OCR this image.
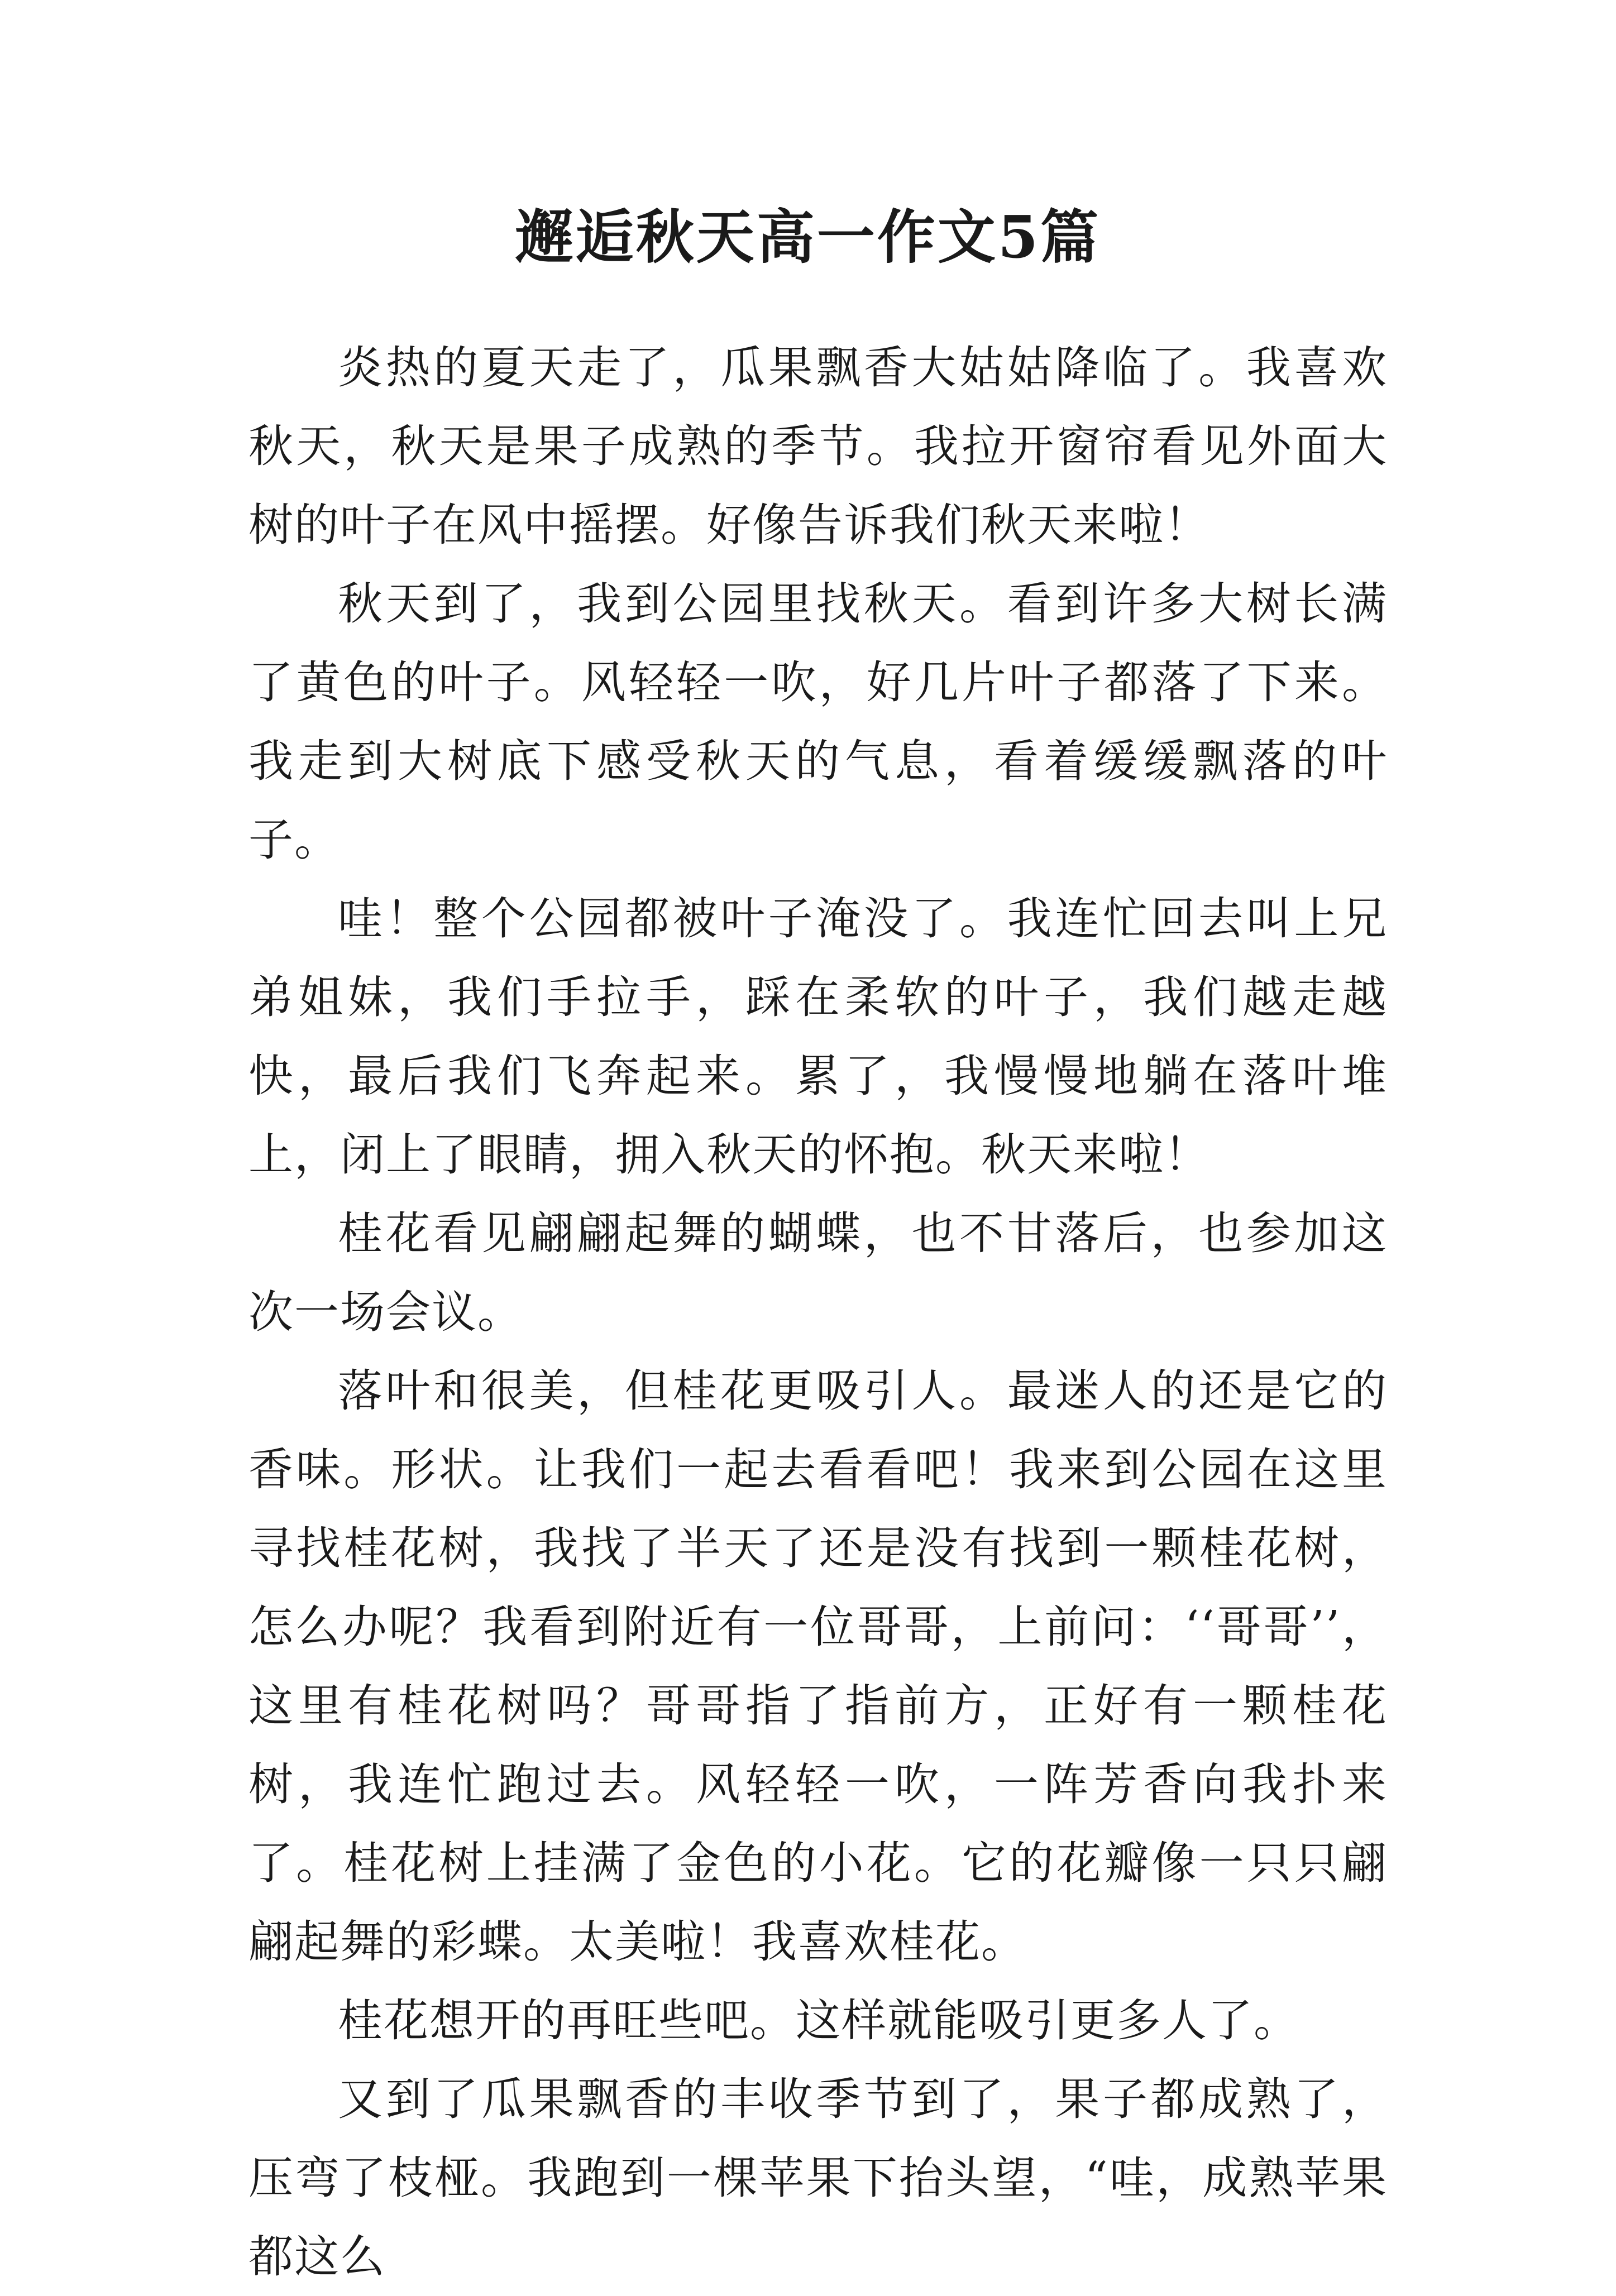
邂逅秋天高一作文5篇

炎热的夏天走了，瓜果飘香大姑姑降临了。我喜欢秋天，秋天是果子成熟的季节。我拉开窗帘看见外面大树的叶子在风中摇摆。好像告诉我们秋天来啦！

秋天到了，我到公园里找秋天。看到许多大树长满了黄色的叶子。风轻轻一吹，好几片叶子都落了下来。我走到大树底下感受秋天的气息，看着缓缓飘落的叶子。

哇！整个公园都被叶子淹没了。我连忙回去叫上兄弟姐妹，我们手拉手，踩在柔软的叶子，我们越走越快，最后我们飞奔起来。累了，我慢慢地躺在落叶堆上，闭上了眼睛，拥入秋天的怀抱。秋天来啦！

桂花看见翩翩起舞的蝴蝶，也不甘落后，也参加这次一场会议。

落叶和很美，但桂花更吸引人。最迷人的还是它的香味。形状。让我们一起去看看吧！我来到公园在这里寻找桂花树，我找了半天了还是没有找到一颗桂花树，怎么办呢？我看到附近有一位哥哥，上前问：‘‘哥哥’’，这里有桂花树吗？哥哥指了指前方，正好有一颗桂花树，我连忙跑过去。风轻轻一吹，一阵芳香向我扑来了。桂花树上挂满了金色的小花。它的花瓣像一只只翩翩起舞的彩蝶。太美啦！我喜欢桂花。

桂花想开的再旺些吧。这样就能吸引更多人了。

又到了瓜果飘香的丰收季节到了，果子都成熟了，压弯了枝桠。我跑到一棵苹果下抬头望，“哇，成熟苹果都这么
